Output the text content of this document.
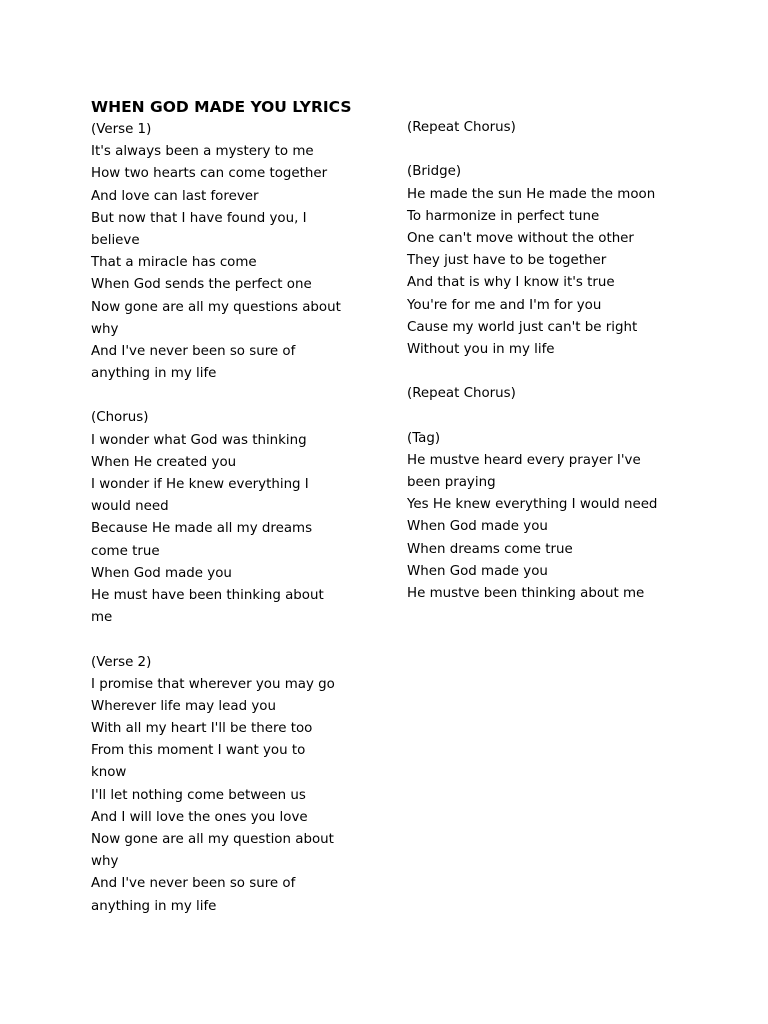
WHEN GOD MADE YOU LYRICS
(Verse 1)
It's always been a mystery to me
How two hearts can come together
And love can last forever
But now that I have found you, I
believe
That a miracle has come
When God sends the perfect one
Now gone are all my questions about
why
And I've never been so sure of
anything in my life
(Chorus)
I wonder what God was thinking
When He created you
I wonder if He knew everything I
would need
Because He made all my dreams
come true
When God made you
He must have been thinking about
me
(Verse 2)
I promise that wherever you may go
Wherever life may lead you
With all my heart I'll be there too
From this moment I want you to
know
I'll let nothing come between us
And I will love the ones you love
Now gone are all my question about
why
And I've never been so sure of
anything in my life
(Repeat Chorus)
(Bridge)
He made the sun He made the moon
To harmonize in perfect tune
One can't move without the other
They just have to be together
And that is why I know it's true
You're for me and I'm for you
Cause my world just can't be right
Without you in my life
(Repeat Chorus)
(Tag)
He mustve heard every prayer I've
been praying
Yes He knew everything I would need
When God made you
When dreams come true
When God made you
He mustve been thinking about me
